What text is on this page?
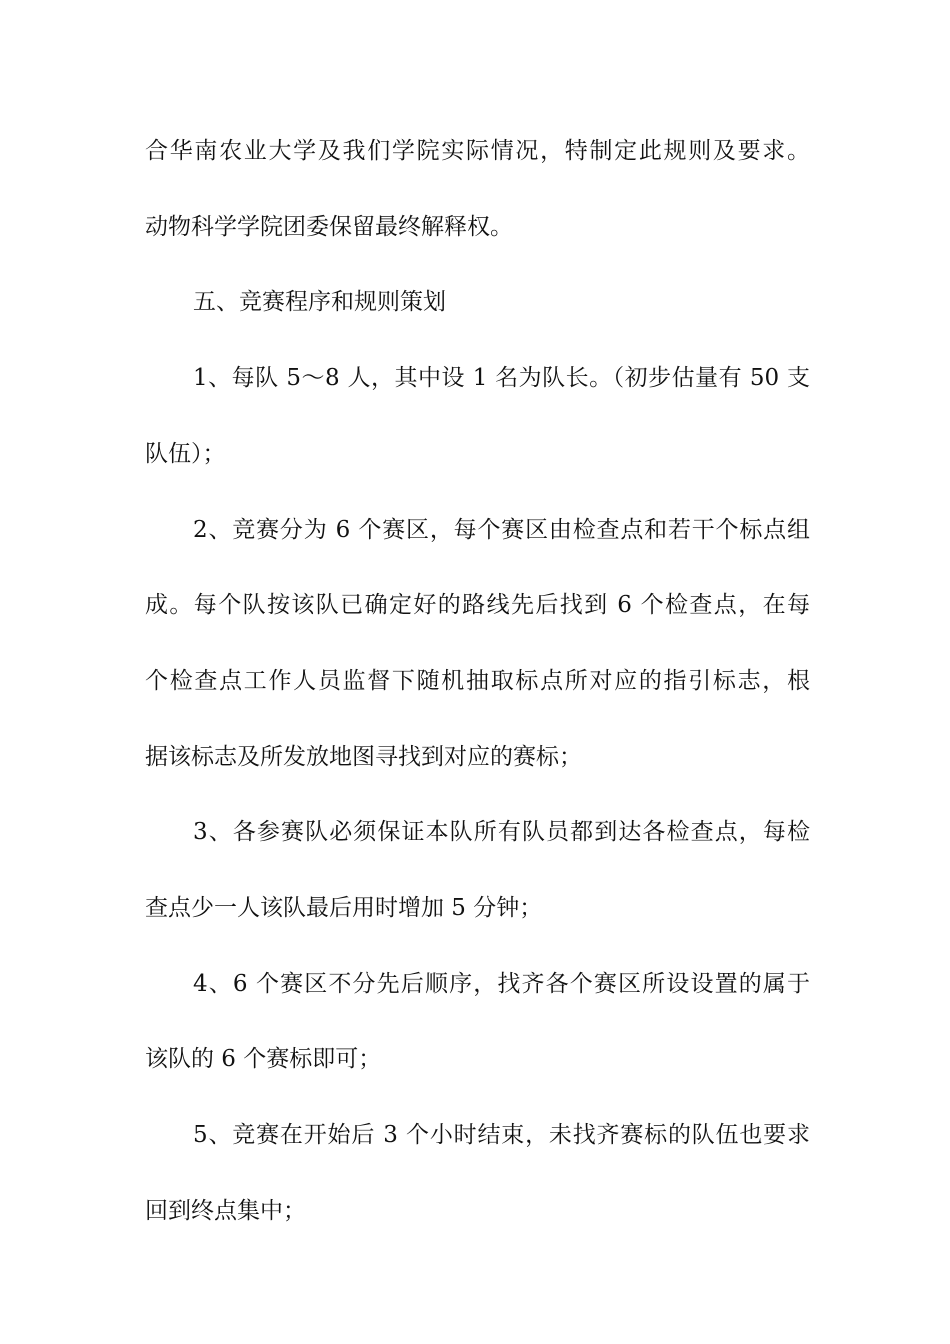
合华南农业大学及我们学院实际情况，特制定此规则及要求。
动物科学学院团委保留最终解释权。
五、竞赛程序和规则策划
1、每队 5～8 人，其中设 1 名为队长。（初步估量有 50 支
队伍）；
2、竞赛分为 6 个赛区，每个赛区由检查点和若干个标点组
成。每个队按该队已确定好的路线先后找到 6 个检查点，在每
个检查点工作人员监督下随机抽取标点所对应的指引标志，根
据该标志及所发放地图寻找到对应的赛标；
3、各参赛队必须保证本队所有队员都到达各检查点，每检
查点少一人该队最后用时增加 5 分钟；
4、6 个赛区不分先后顺序，找齐各个赛区所设设置的属于
该队的 6 个赛标即可；
5、竞赛在开始后 3 个小时结束，未找齐赛标的队伍也要求
回到终点集中；
